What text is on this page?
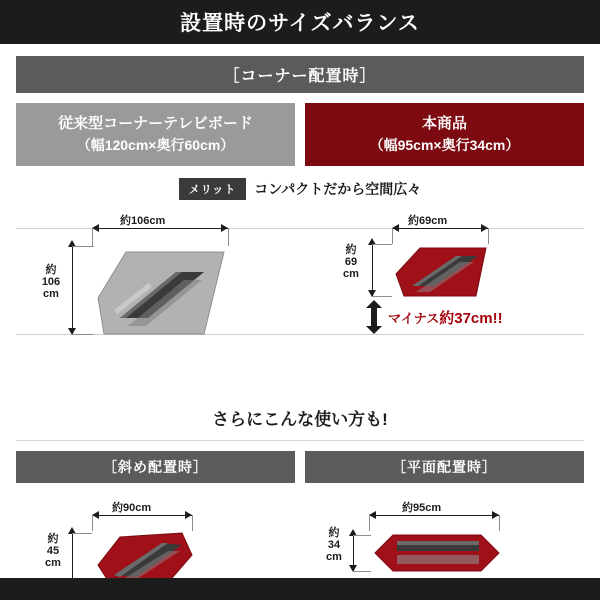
設置時のサイズバランス
［コーナー配置時］
従来型コーナーテレビボード
（幅120cm×奥行60cm）
本商品
（幅95cm×奥行34cm）
メリット	コンパクトだから空間広々
約106cm
約
106
cm
約69cm
約
69
cm
マイナス約37cm!!
さらにこんな使い方も!
［斜め配置時］
約90cm
約
45
cm
［平面配置時］
約95cm
約
34
cm
